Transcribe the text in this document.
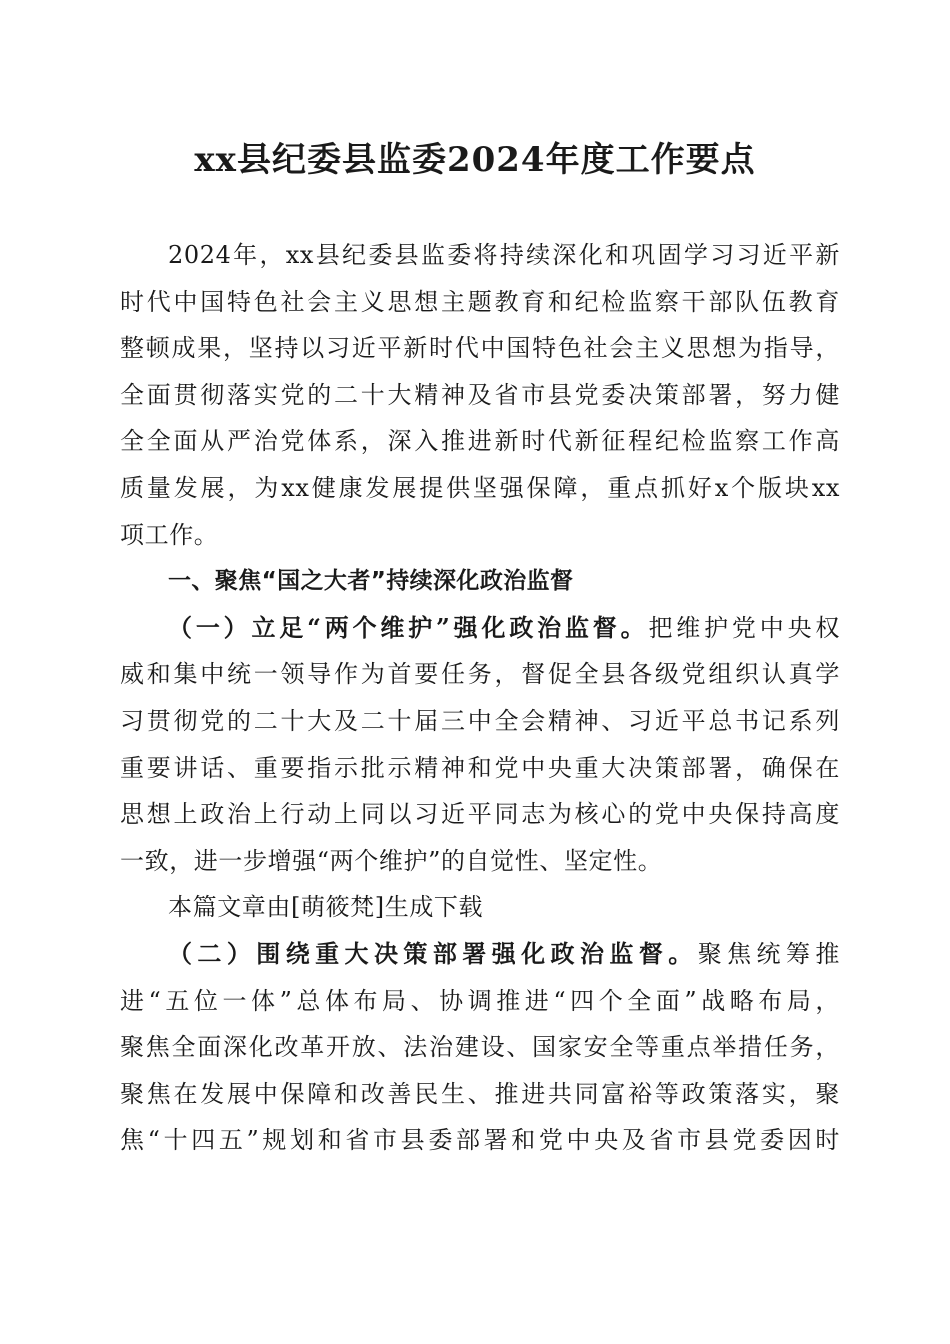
xx县纪委县监委2024年度工作要点
2024年，xx县纪委县监委将持续深化和巩固学习习近平新
时代中国特色社会主义思想主题教育和纪检监察干部队伍教育
整顿成果，坚持以习近平新时代中国特色社会主义思想为指导，
全面贯彻落实党的二十大精神及省市县党委决策部署，努力健
全全面从严治党体系，深入推进新时代新征程纪检监察工作高
质量发展，为xx健康发展提供坚强保障，重点抓好x个版块xx
项工作。
一、聚焦“国之大者”持续深化政治监督
（一）立足“两个维护”强化政治监督。把维护党中央权
威和集中统一领导作为首要任务，督促全县各级党组织认真学
习贯彻党的二十大及二十届三中全会精神、习近平总书记系列
重要讲话、重要指示批示精神和党中央重大决策部署，确保在
思想上政治上行动上同以习近平同志为核心的党中央保持高度
一致，进一步增强“两个维护”的自觉性、坚定性。
本篇文章由[萌筱梵]生成下载
（二）围绕重大决策部署强化政治监督。聚焦统筹推
进“五位一体”总体布局、协调推进“四个全面”战略布局，
聚焦全面深化改革开放、法治建设、国家安全等重点举措任务，
聚焦在发展中保障和改善民生、推进共同富裕等政策落实，聚
焦“十四五”规划和省市县委部署和党中央及省市县党委因时
